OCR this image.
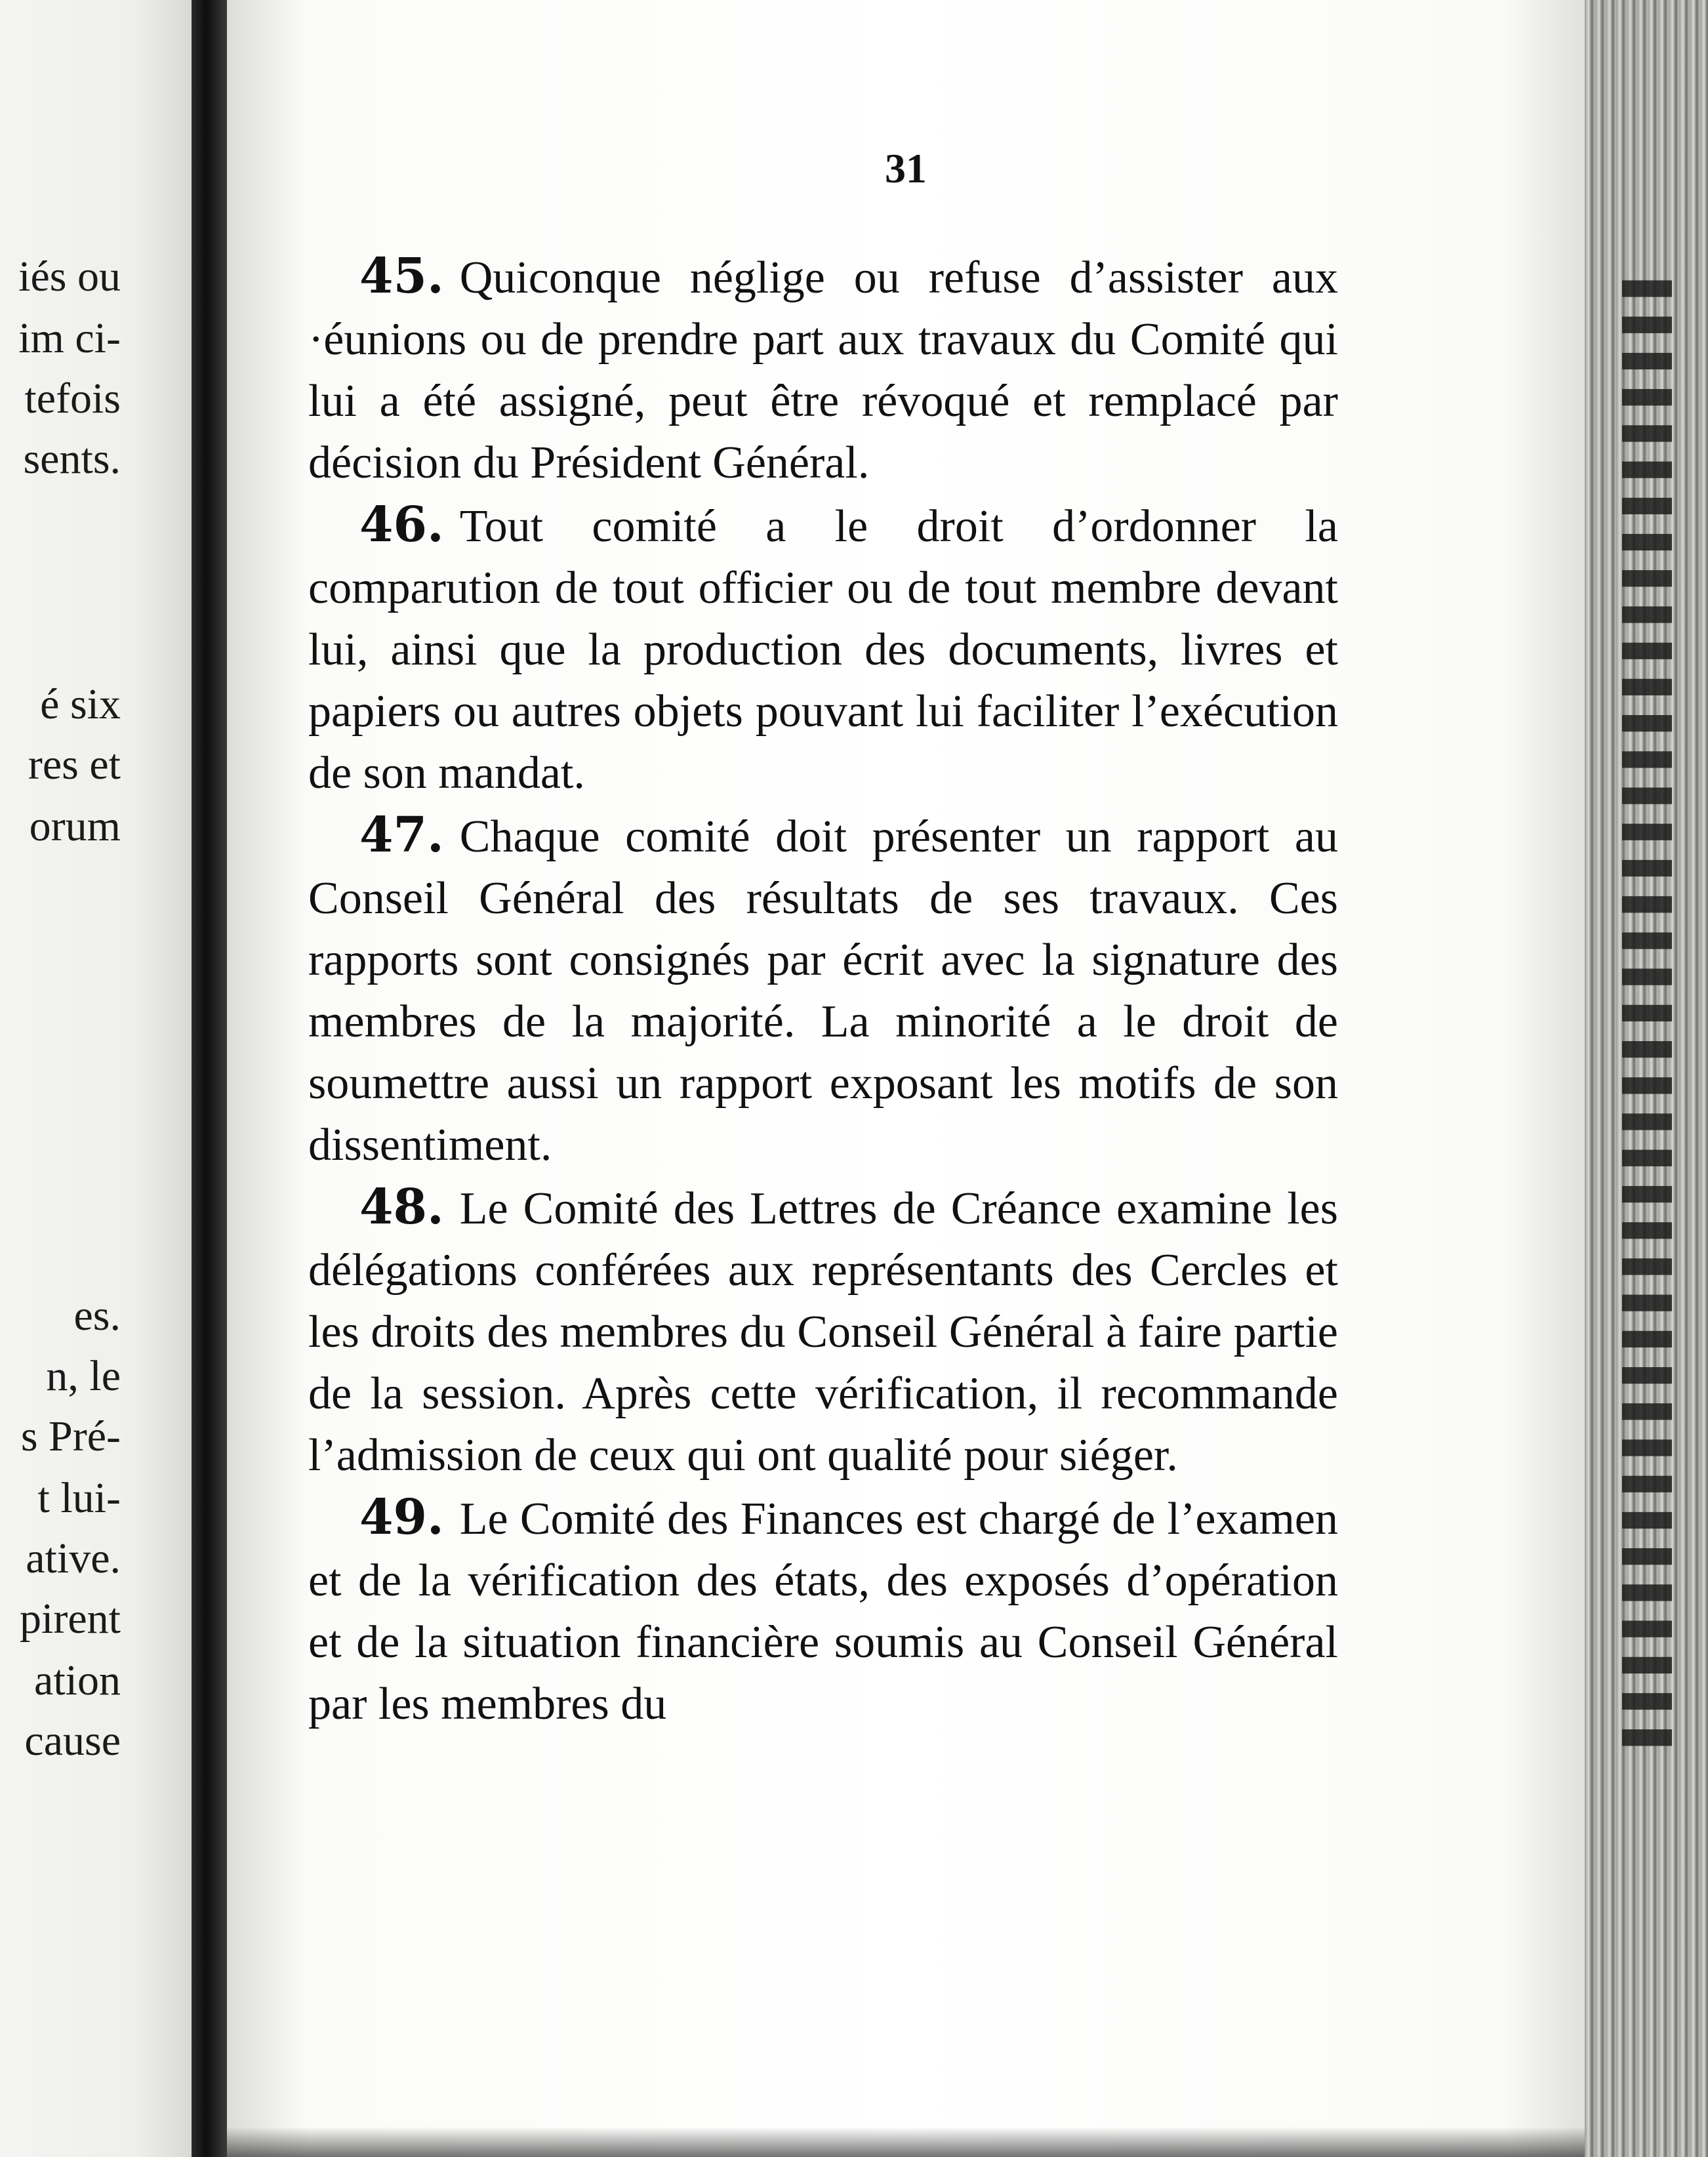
iés ou
im ci-
tefois
sents.
é six
res et
orum
es.
n, le
s Pré-
t lui-
ative.
pirent
ation
cause
31

45. Quiconque néglige ou refuse d’assister aux ·éunions ou de prendre part aux travaux du Comité qui lui a été assigné, peut être révoqué et remplacé par décision du Président Général.

46. Tout comité a le droit d’ordonner la comparution de tout officier ou de tout membre devant lui, ainsi que la production des documents, livres et papiers ou autres objets pouvant lui faciliter l’exécution de son mandat.

47. Chaque comité doit présenter un rapport au Conseil Général des résultats de ses travaux. Ces rapports sont consignés par écrit avec la signature des membres de la majorité. La minorité a le droit de soumettre aussi un rapport exposant les motifs de son dissentiment.

48. Le Comité des Lettres de Créance examine les délégations conférées aux représentants des Cercles et les droits des membres du Conseil Général à faire partie de la session. Après cette vérification, il recommande l’admission de ceux qui ont qualité pour siéger.

49. Le Comité des Finances est chargé de l’examen et de la vérification des états, des exposés d’opération et de la situation financière soumis au Conseil Général par les membres du	▌▌▌▌▌▌▌▌▌▌▌▌▌▌▌▌▌▌▌▌▌▌▌▌▌▌▌▌▌▌▌▌▌▌▌▌▌▌▌▌▌
